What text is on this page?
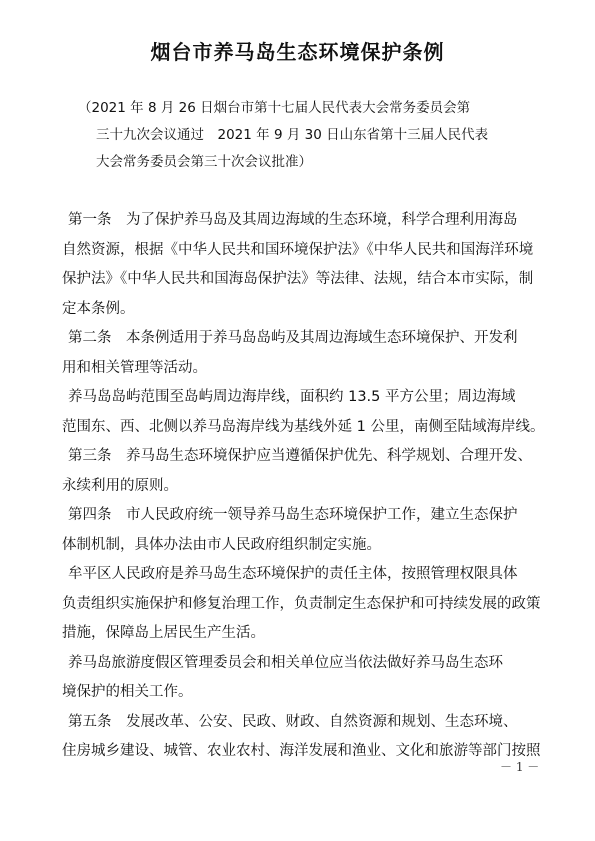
烟台市养马岛生态环境保护条例
（2021 年 8 月 26 日烟台市第十七届人民代表大会常务委员会第
三十九次会议通过　2021 年 9 月 30 日山东省第十三届人民代表
大会常务委员会第三十次会议批准）
第一条　为了保护养马岛及其周边海域的生态环境，科学合理利用海岛
自然资源，根据《中华人民共和国环境保护法》《中华人民共和国海洋环境
保护法》《中华人民共和国海岛保护法》等法律、法规，结合本市实际，制
定本条例。
第二条　本条例适用于养马岛岛屿及其周边海域生态环境保护、开发利
用和相关管理等活动。
养马岛岛屿范围至岛屿周边海岸线，面积约 13.5 平方公里；周边海域
范围东、西、北侧以养马岛海岸线为基线外延 1 公里，南侧至陆域海岸线。
第三条　养马岛生态环境保护应当遵循保护优先、科学规划、合理开发、
永续利用的原则。
第四条　市人民政府统一领导养马岛生态环境保护工作，建立生态保护
体制机制，具体办法由市人民政府组织制定实施。
牟平区人民政府是养马岛生态环境保护的责任主体，按照管理权限具体
负责组织实施保护和修复治理工作，负责制定生态保护和可持续发展的政策
措施，保障岛上居民生产生活。
养马岛旅游度假区管理委员会和相关单位应当依法做好养马岛生态环
境保护的相关工作。
第五条　发展改革、公安、民政、财政、自然资源和规划、生态环境、
住房城乡建设、城管、农业农村、海洋发展和渔业、文化和旅游等部门按照
－ 1 －
